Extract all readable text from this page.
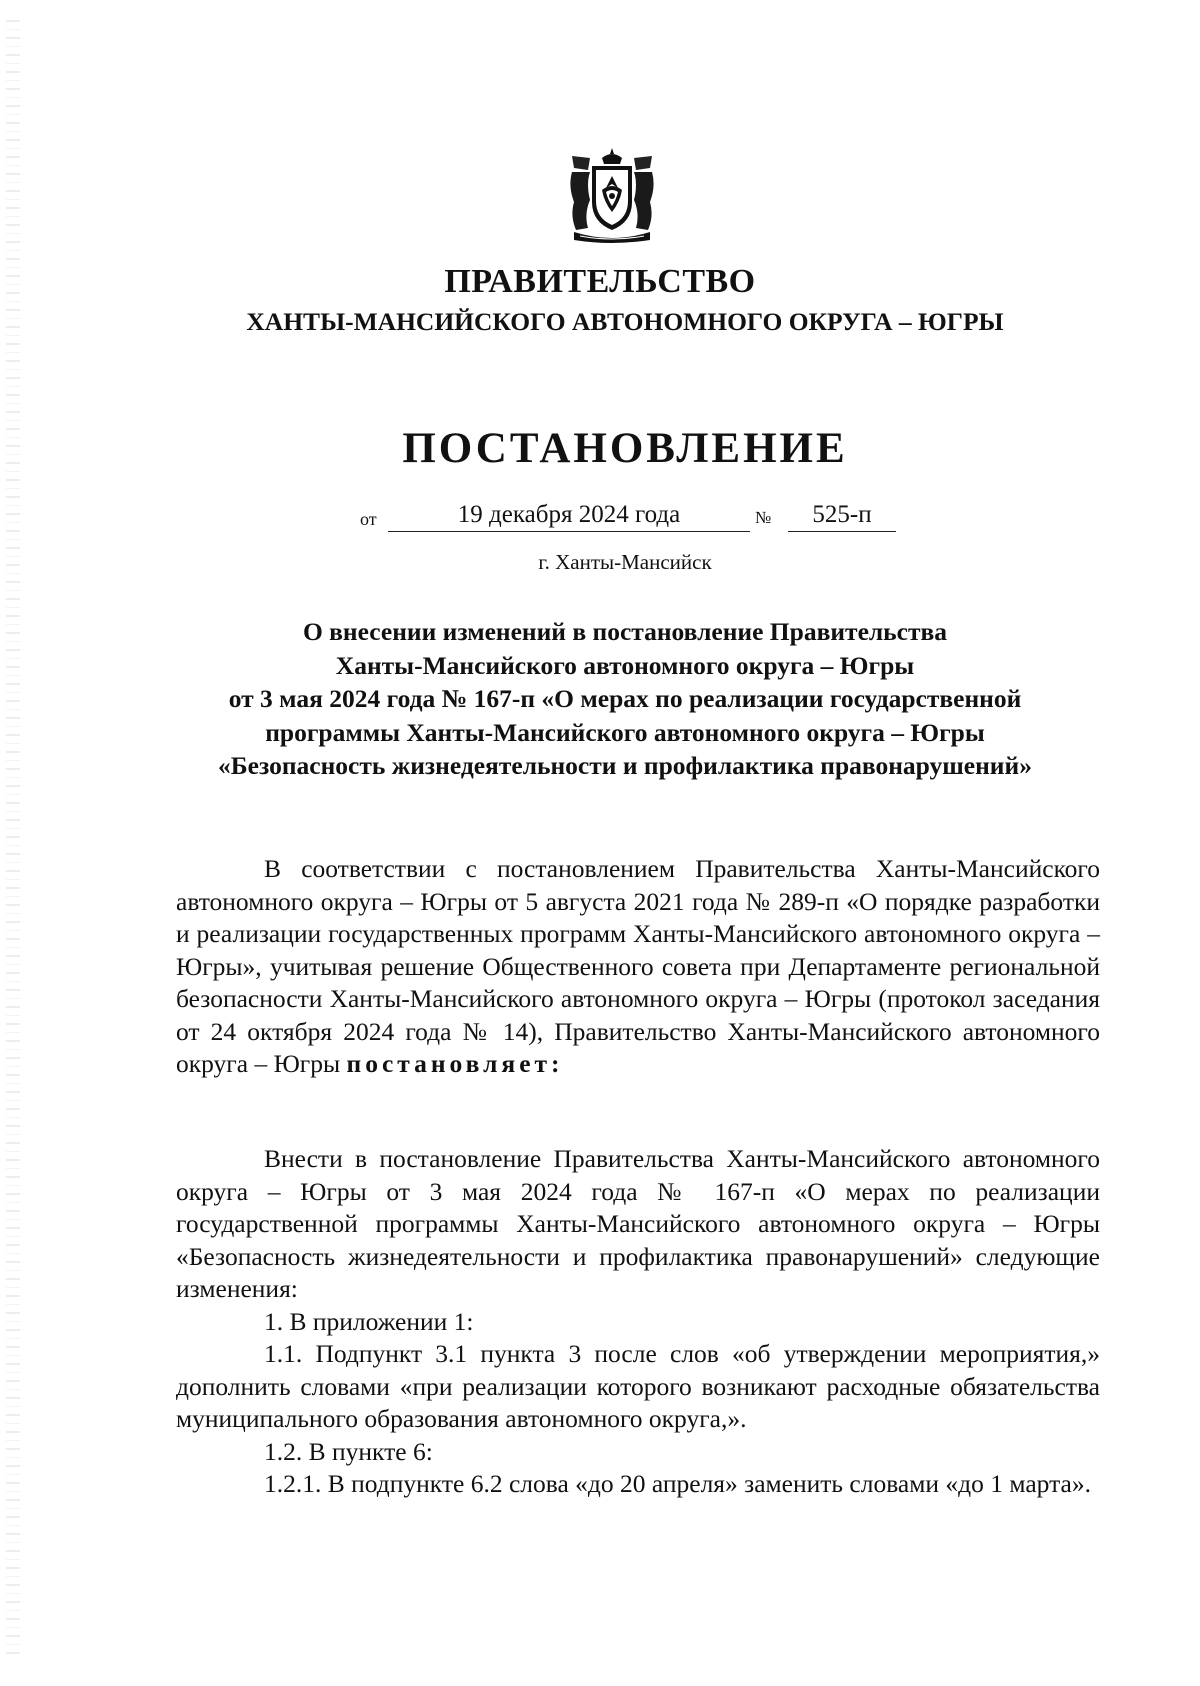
ПРАВИТЕЛЬСТВО
ХАНТЫ-МАНСИЙСКОГО АВТОНОМНОГО ОКРУГА – ЮГРЫ
ПОСТАНОВЛЕНИЕ
от	19 декабря 2024 года	№	525-п

г. Ханты-Мансийск

О внесении изменений в постановление Правительства
Ханты-Мансийского автономного округа – Югры
от 3 мая 2024 года № 167-п «О мерах по реализации государственной
программы Ханты-Мансийского автономного округа – Югры
«Безопасность жизнедеятельности и профилактика правонарушений»

В соответствии с постановлением Правительства Ханты-Мансийского автономного округа – Югры от 5 августа 2021 года № 289-п «О порядке разработки и реализации государственных программ Ханты-Мансийского автономного округа – Югры», учитывая решение Общественного совета при Департаменте региональной безопасности Ханты-Мансийского автономного округа – Югры (протокол заседания от 24 октября 2024 года № 14), Правительство Ханты-Мансийского автономного округа – Югры постановляет:

Внести в постановление Правительства Ханты-Мансийского автономного округа – Югры от 3 мая 2024 года № 167-п «О мерах по реализации государственной программы Ханты-Мансийского автономного округа – Югры «Безопасность жизнедеятельности и профилактика правонарушений» следующие изменения:

1. В приложении 1:

1.1. Подпункт 3.1 пункта 3 после слов «об утверждении мероприятия,» дополнить словами «при реализации которого возникают расходные обязательства муниципального образования автономного округа,».

1.2. В пункте 6:

1.2.1. В подпункте 6.2 слова «до 20 апреля» заменить словами «до 1 марта».
